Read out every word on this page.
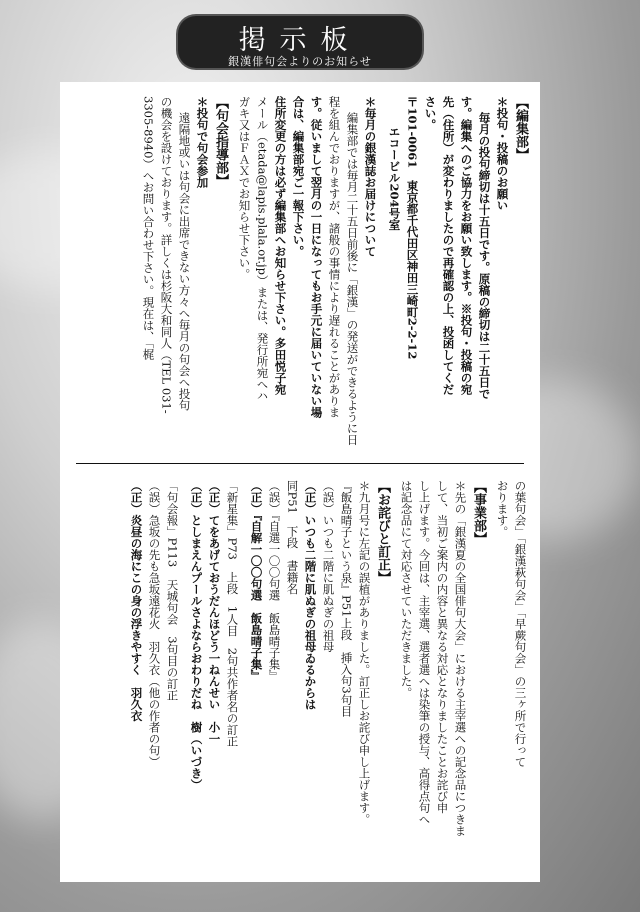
掲示板
銀漢俳句会よりのお知らせ
【編集部】
＊投句・投稿のお願い
毎月の投句締切は十五日です。原稿の締切は二十五日で
す。編集へのご協力をお願い致します。※投句・投稿の宛
先（住所）が変わりましたので再確認の上、投函してくだ
さい。
〒101-0061　東京都千代田区神田三崎町2-2-12
エコービル204号室
＊毎月の銀漢誌お届けについて
編集部では毎月二十五日前後に「銀漢」の発送ができるように日
程を組んでおりますが、諸般の事情により遅れることがありま
す。従いまして翌月の一日になってもお手元に届いていない場
合は、編集部宛ご一報下さい。
住所変更の方は必ず編集部へお知らせ下さい。多田悦子宛
メール（etada@lapis.plala.or.jp）または、発行所宛へハ
ガキ又はＦＡＸでお知らせ下さい。
【句会指導部】
＊投句で句会参加
遠隔地或いは句会に出席できない方々へ毎月の句会へ投句
の機会を設けております。詳しくは杉阪大和同人（TEL 031-
3305-8940）へお問い合わせ下さい。現在は、「梶
の葉句会」「銀漢萩句会」「早蕨句会」の三ヶ所で行って
おります。
【事業部】
＊先の「銀漢夏の全国俳句大会」における主宰選への記念品につきま
して、当初ご案内の内容と異なる対応となりましたことお詫び申
し上げます。今回は、主宰選、選者選へは染筆の授与、高得点句へ
は記念品にて対応させていただきました。
【お詫びと訂正】
＊九月号に左記の誤植がありました。訂正しお詫び申し上げます。
『飯島晴子という泉』P51上段　挿入句3句目
（誤）いつも二階に肌ぬぎの祖母
（正）いつも二階に肌ぬぎの祖母ゐるからは
同P51　下段　書籍名
（誤）『自選一〇〇句選　飯島晴子集』
（正）『自解一〇〇句選　飯島晴子集』
「新星集」P73　上段　1人目　2句共作者名の訂正
（正）てをあげておうだんほどう一ねんせい　小一
（正）としまえんプールさよならおわりだね　樹（いづき）
「句会報」P113　天城句会　3句目の訂正
（誤）急坂の先も急坂遠花火　羽久衣（他の作者の句）
（正）炎昼の海にこの身の浮きやすく　羽久衣
